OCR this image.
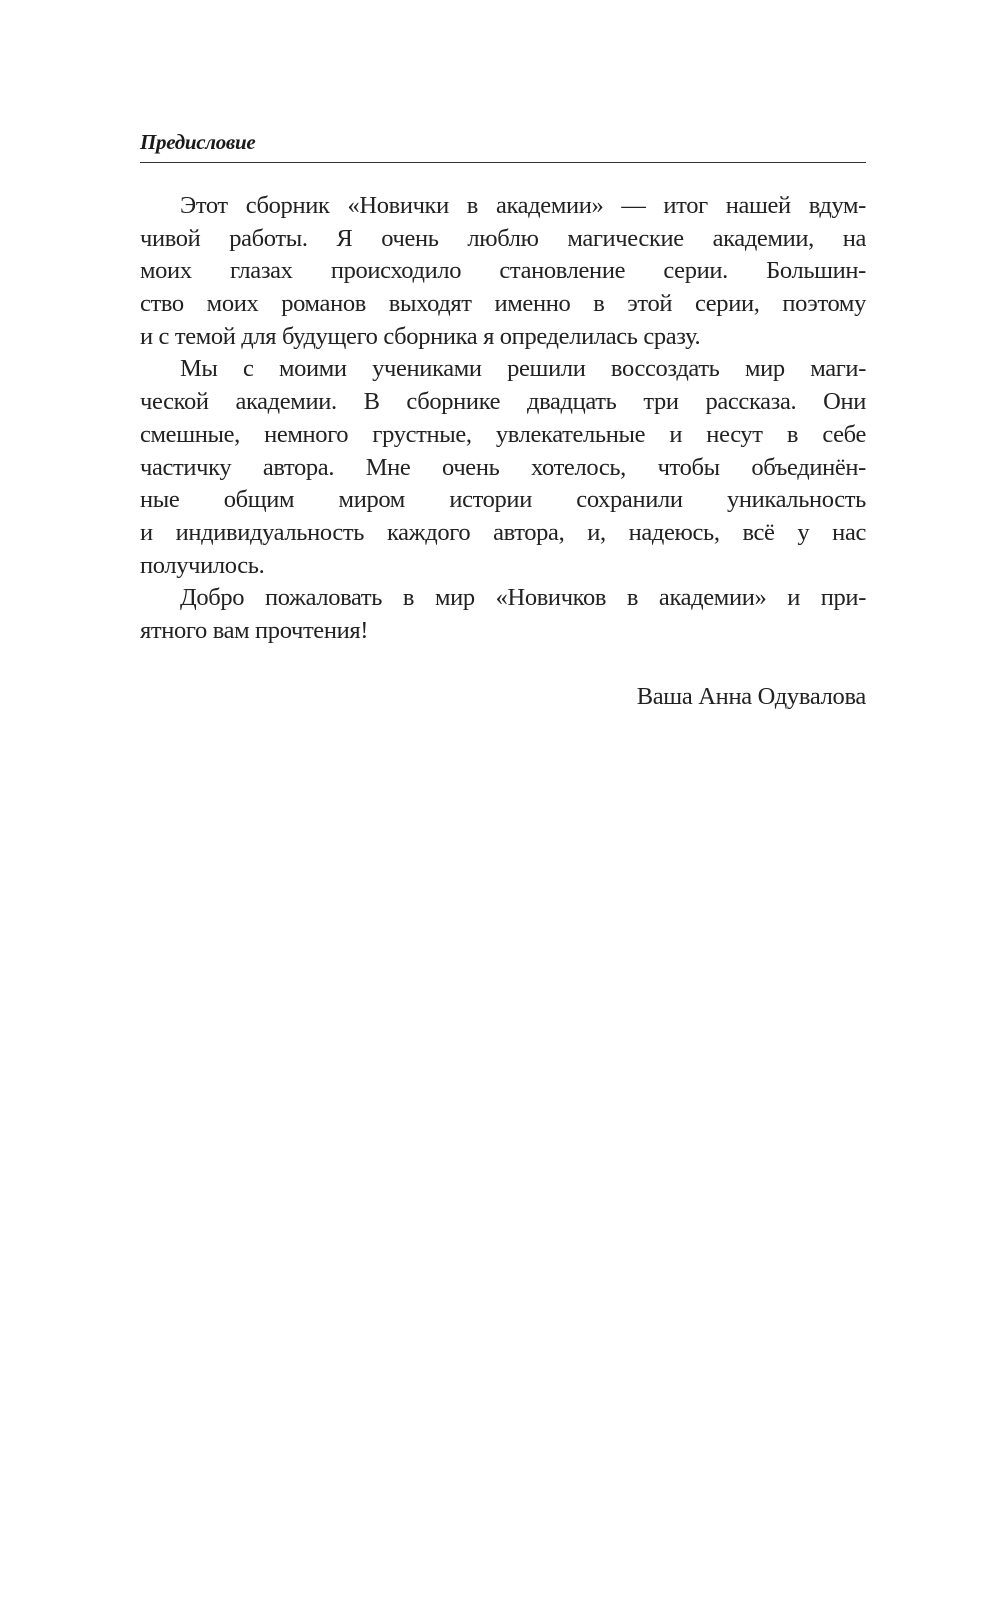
Предисловие
Этот сборник «Новички в академии» — итог нашей вдум-
чивой работы. Я очень люблю магические академии, на
моих глазах происходило становление серии. Большин-
ство моих романов выходят именно в этой серии, поэтому
и с темой для будущего сборника я определилась сразу.
Мы с моими учениками решили воссоздать мир маги-
ческой академии. В сборнике двадцать три рассказа. Они
смешные, немного грустные, увлекательные и несут в себе
частичку автора. Мне очень хотелось, чтобы объединён-
ные общим миром истории сохранили уникальность
и индивидуальность каждого автора, и, надеюсь, всё у нас
получилось.
Добро пожаловать в мир «Новичков в академии» и при-
ятного вам прочтения!
Ваша Анна Одувалова
